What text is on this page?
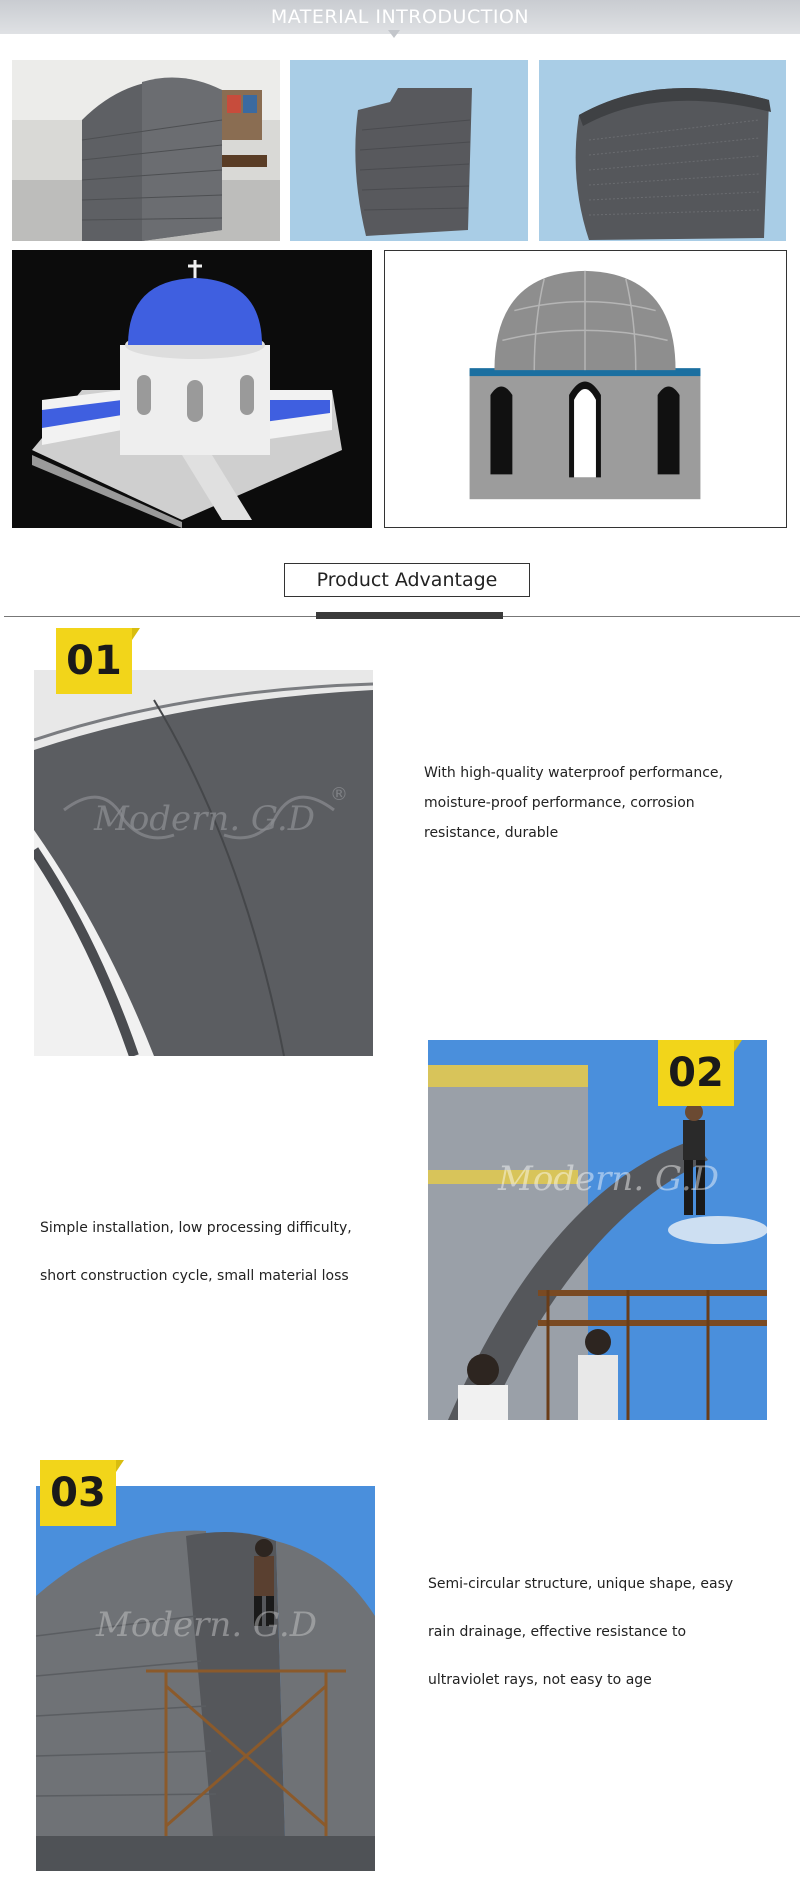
MATERIAL INTRODUCTION
Product Advantage
Modern. G.D
®
01
With high-quality waterproof performance,
moisture-proof performance, corrosion
resistance, durable
Modern. G.D
02
Simple installation, low processing difficulty,
short construction cycle, small material loss
Modern. G.D
03
Semi-circular structure, unique shape, easy
rain drainage, effective resistance to
ultraviolet rays, not easy to age
